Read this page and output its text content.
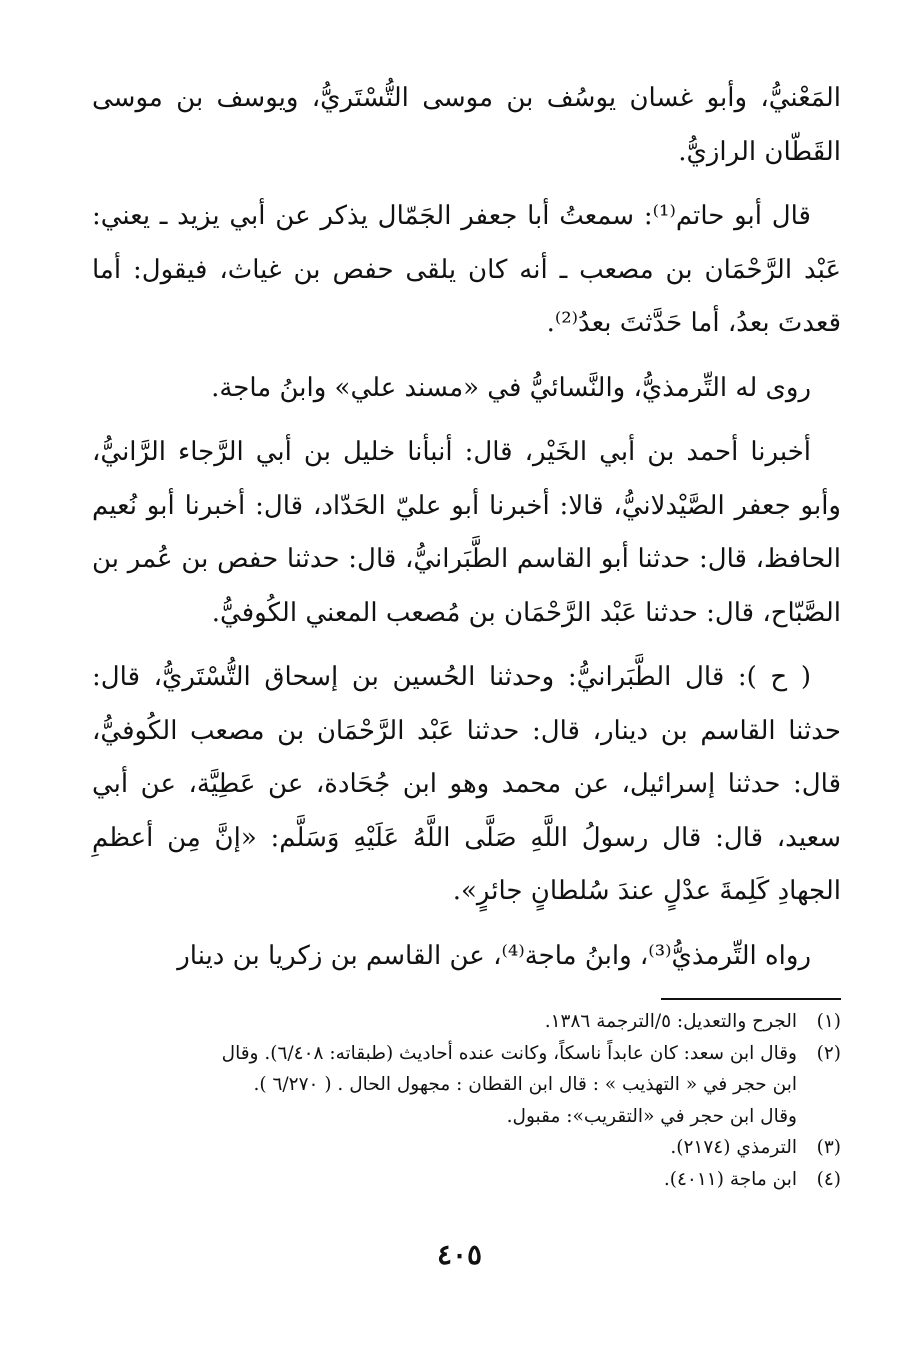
المَعْنيُّ، وأبو غسان يوسُف بن موسى التُّسْتَريُّ، ويوسف بن موسى القَطّان الرازيُّ.

قال أبو حاتم⁽¹⁾: سمعتُ أبا جعفر الجَمّال يذكر عن أبي يزيد ـ يعني: عَبْد الرَّحْمَان بن مصعب ـ أنه كان يلقى حفص بن غياث، فيقول: أما قعدتَ بعدُ، أما حَدَّثتَ بعدُ⁽²⁾.

روى له التِّرمذيُّ، والنَّسائيُّ في «مسند علي» وابنُ ماجة.

أخبرنا أحمد بن أبي الخَيْر، قال: أنبأنا خليل بن أبي الرَّجاء الرَّانيُّ، وأبو جعفر الصَّيْدلانيُّ، قالا: أخبرنا أبو عليّ الحَدّاد، قال: أخبرنا أبو نُعيم الحافظ، قال: حدثنا أبو القاسم الطَّبَرانيُّ، قال: حدثنا حفص بن عُمر بن الصَّبّاح، قال: حدثنا عَبْد الرَّحْمَان بن مُصعب المعني الكُوفيُّ.

( ح ): قال الطَّبَرانيُّ: وحدثنا الحُسين بن إسحاق التُّسْتَريُّ، قال: حدثنا القاسم بن دينار، قال: حدثنا عَبْد الرَّحْمَان بن مصعب الكُوفيُّ، قال: حدثنا إسرائيل، عن محمد وهو ابن جُحَادة، عن عَطِيَّة، عن أبي سعيد، قال: قال رسولُ اللَّهِ صَلَّى اللَّهُ عَلَيْهِ وَسَلَّم: «إنَّ مِن أعظمِ الجهادِ كَلِمةَ عدْلٍ عندَ سُلطانٍ جائرٍ».

رواه التِّرمذيُّ⁽³⁾، وابنُ ماجة⁽⁴⁾، عن القاسم بن زكريا بن دينار

(١)
الجرح والتعديل: ٥/الترجمة ١٣٨٦.
(٢)
وقال ابن سعد: كان عابداً ناسكاً، وكانت عنده أحاديث (طبقاته: ٦/٤٠٨). وقال
ابن حجر في « التهذيب » : قال ابن القطان : مجهول الحال . ( ٦/٢٧٠ ).
وقال ابن حجر في «التقريب»: مقبول.
(٣)
الترمذي (٢١٧٤).
(٤)
ابن ماجة (٤٠١١).
٤٠٥
